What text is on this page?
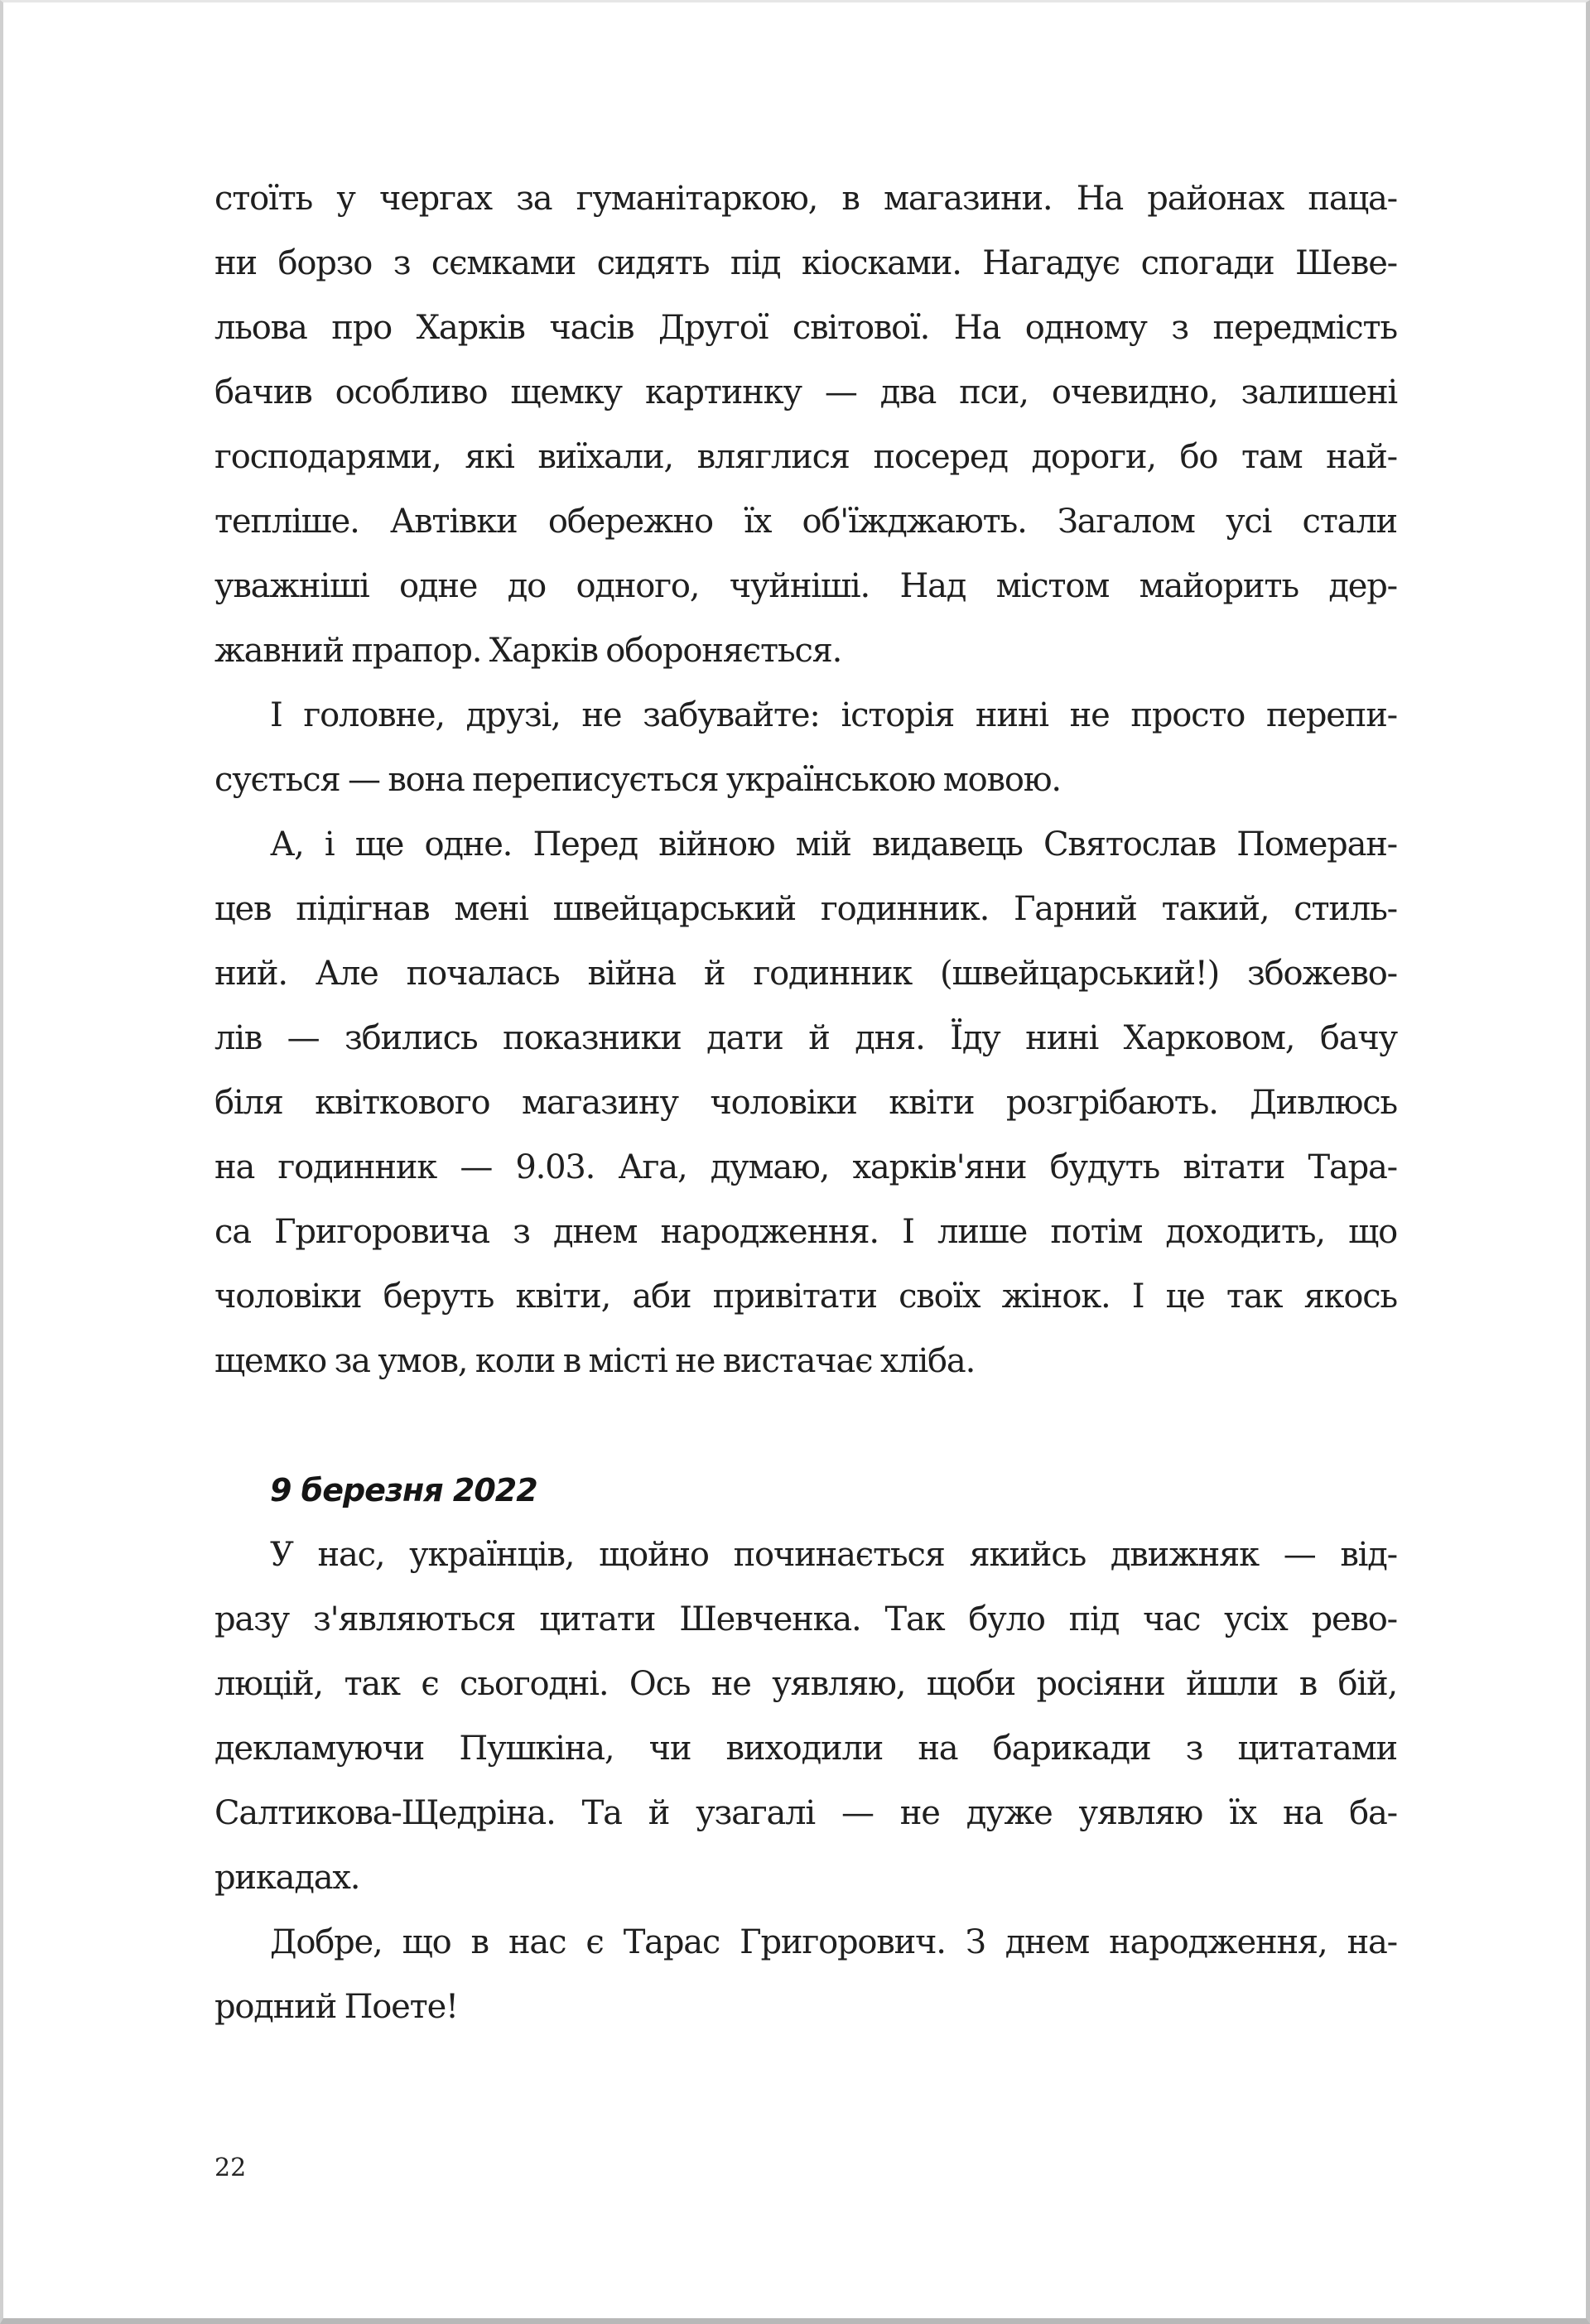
стоїть у чергах за гуманітаркою, в магазини. На районах паца-
ни борзо з сємками сидять під кіосками. Нагадує спогади Шеве-
льова про Харків часів Другої світової. На одному з передмість
бачив особливо щемку картинку — два пси, очевидно, залишені
господарями, які виїхали, вляглися посеред дороги, бо там най-
тепліше. Автівки обережно їх об'їжджають. Загалом усі стали
уважніші одне до одного, чуйніші. Над містом майорить дер-
жавний прапор. Харків обороняється.
І головне, друзі, не забувайте: історія нині не просто перепи-
сується — вона переписується українською мовою.
А, і ще одне. Перед війною мій видавець Святослав Померан-
цев підігнав мені швейцарський годинник. Гарний такий, стиль-
ний. Але почалась війна й годинник (швейцарський!) збожево-
лів — збились показники дати й дня. Їду нині Харковом, бачу
біля квіткового магазину чоловіки квіти розгрібають. Дивлюсь
на годинник — 9.03. Ага, думаю, харків'яни будуть вітати Тара-
са Григоровича з днем народження. І лише потім доходить, що
чоловіки беруть квіти, аби привітати своїх жінок. І це так якось
щемко за умов, коли в місті не вистачає хліба.
9 березня 2022
У нас, українців, щойно починається якийсь движняк — від-
разу з'являються цитати Шевченка. Так було під час усіх рево-
люцій, так є сьогодні. Ось не уявляю, щоби росіяни йшли в бій,
декламуючи Пушкіна, чи виходили на барикади з цитатами
Салтикова-Щедріна. Та й узагалі — не дуже уявляю їх на ба-
рикадах.
Добре, що в нас є Тарас Григорович. З днем народження, на-
родний Поете!
22
